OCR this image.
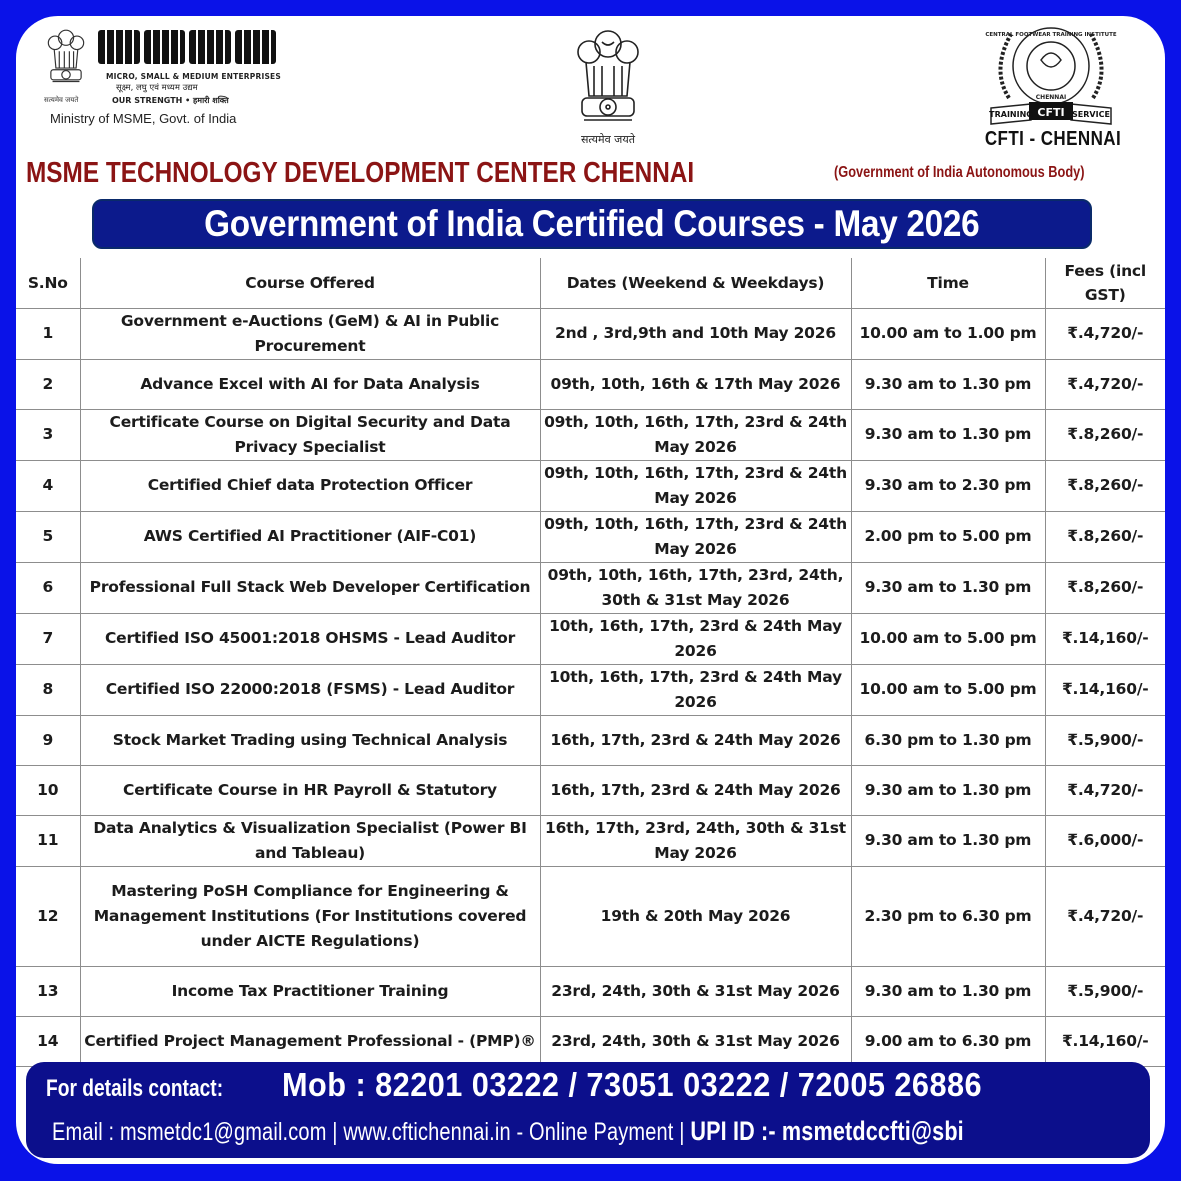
सत्यमेव जयते
MICRO, SMALL & MEDIUM ENTERPRISES
सूक्ष्म, लघु एवं मध्यम उद्यम
OUR STRENGTH • हमारी शक्ति
Ministry of MSME, Govt. of India
सत्यमेव जयते
CENTRAL FOOTWEAR TRAINING INSTITUTE
CHENNAI
TRAINING CFTI SERVICE
CFTI - CHENNAI
MSME TECHNOLOGY DEVELOPMENT CENTER CHENNAI	(Government of India Autonomous Body)
Government of India Certified Courses - May 2026
S.No	Course Offered	Dates (Weekend & Weekdays)	Time	Fees (incl GST)
1	Government e-Auctions (GeM) & AI in Public Procurement	2nd , 3rd,9th and 10th May 2026	10.00 am to 1.00 pm	₹.4,720/-
2	Advance Excel with AI for Data Analysis	09th, 10th, 16th & 17th May 2026	9.30 am to 1.30 pm	₹.4,720/-
3	Certificate Course on Digital Security and Data Privacy Specialist	09th, 10th, 16th, 17th, 23rd & 24th May 2026	9.30 am to 1.30 pm	₹.8,260/-
4	Certified Chief data Protection Officer	09th, 10th, 16th, 17th, 23rd & 24th May 2026	9.30 am to 2.30 pm	₹.8,260/-
5	AWS Certified AI Practitioner (AIF-C01)	09th, 10th, 16th, 17th, 23rd & 24th May 2026	2.00 pm to 5.00 pm	₹.8,260/-
6	Professional Full Stack Web Developer Certification	09th, 10th, 16th, 17th, 23rd, 24th, 30th & 31st May 2026	9.30 am to 1.30 pm	₹.8,260/-
7	Certified ISO 45001:2018 OHSMS - Lead Auditor	10th, 16th, 17th, 23rd & 24th May 2026	10.00 am to 5.00 pm	₹.14,160/-
8	Certified ISO 22000:2018 (FSMS) - Lead Auditor	10th, 16th, 17th, 23rd & 24th May 2026	10.00 am to 5.00 pm	₹.14,160/-
9	Stock Market Trading using Technical Analysis	16th, 17th, 23rd & 24th May 2026	6.30 pm to 1.30 pm	₹.5,900/-
10	Certificate Course in HR Payroll & Statutory	16th, 17th, 23rd & 24th May 2026	9.30 am to 1.30 pm	₹.4,720/-
11	Data Analytics & Visualization Specialist (Power BI and Tableau)	16th, 17th, 23rd, 24th, 30th & 31st May 2026	9.30 am to 1.30 pm	₹.6,000/-
12	Mastering PoSH Compliance for Engineering & Management Institutions (For Institutions covered under AICTE Regulations)	19th & 20th May 2026	2.30 pm to 6.30 pm	₹.4,720/-
13	Income Tax Practitioner Training	23rd, 24th, 30th & 31st May 2026	9.30 am to 1.30 pm	₹.5,900/-
14	Certified Project Management Professional - (PMP)®	23rd, 24th, 30th & 31st May 2026	9.00 am to 6.30 pm	₹.14,160/-
For details contact:	Mob : 82201 03222 / 73051 03222 / 72005 26886
Email : msmetdc1@gmail.com | www.cftichennai.in - Online Payment | UPI ID :- msmetdccfti@sbi
